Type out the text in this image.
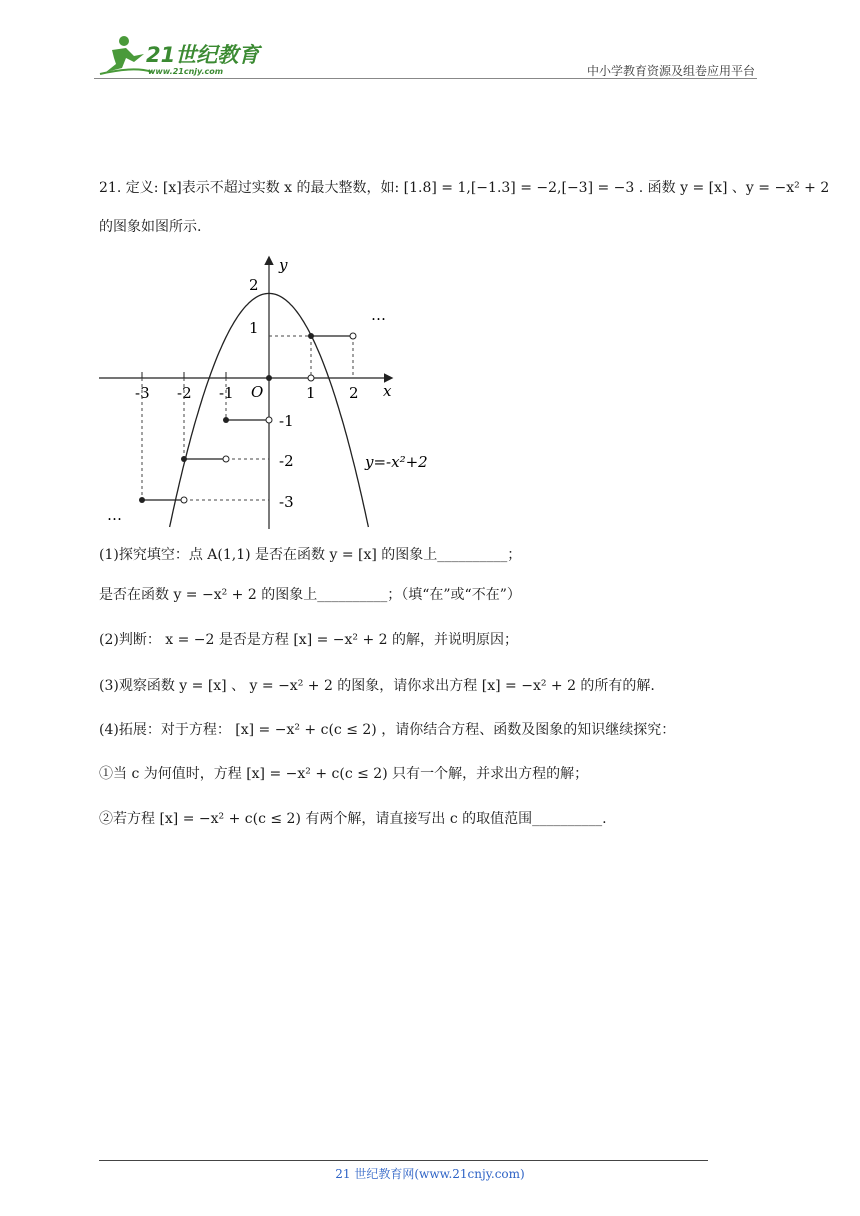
21世纪教育
www.21cnjy.com	中小学教育资源及组卷应用平台
21. 定义: [x]表示不超过实数 x 的最大整数，如: [1.8] = 1,[−1.3] = −2,[−3] = −3 . 函数 y = [x] 、y = −x² + 2
的图象如图所示.
y
x
O
-3 -2 -1	1 2
2
1
-1
-2
-3
y=-x²+2
…
…
(1)探究填空：点 A(1,1) 是否在函数 y = [x] 的图象上__________；
是否在函数 y = −x² + 2 的图象上__________；（填“在”或“不在”）
(2)判断： x = −2 是否是方程 [x] = −x² + 2 的解，并说明原因；
(3)观察函数 y = [x] 、 y = −x² + 2 的图象，请你求出方程 [x] = −x² + 2 的所有的解.
(4)拓展：对于方程： [x] = −x² + c(c ≤ 2) ，请你结合方程、函数及图象的知识继续探究：
①当 c 为何值时，方程 [x] = −x² + c(c ≤ 2) 只有一个解，并求出方程的解；
②若方程 [x] = −x² + c(c ≤ 2) 有两个解，请直接写出 c 的取值范围__________.
21 世纪教育网(www.21cnjy.com)
